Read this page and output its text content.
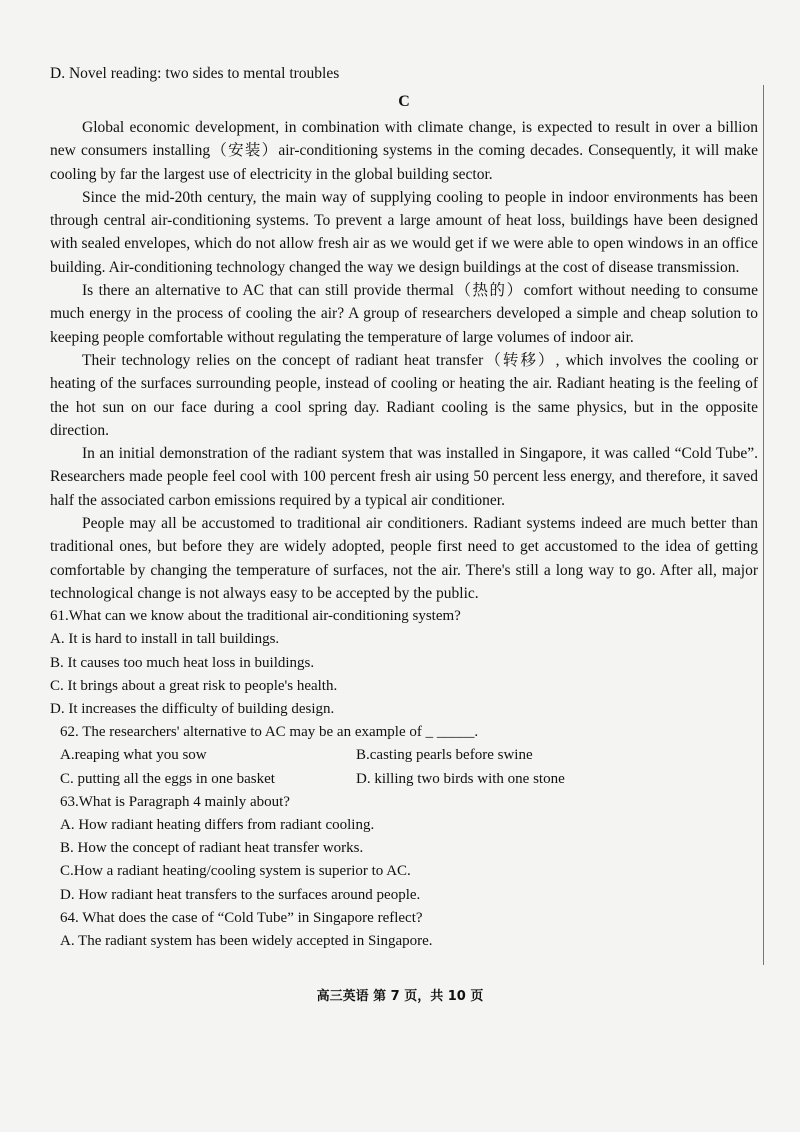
D. Novel reading: two sides to mental troubles

C

Global economic development, in combination with climate change, is expected to result in over a billion new consumers installing（安装）air-conditioning systems in the coming decades. Consequently, it will make cooling by far the largest use of electricity in the global building sector.

Since the mid-20th century, the main way of supplying cooling to people in indoor environments has been through central air-conditioning systems. To prevent a large amount of heat loss, buildings have been designed with sealed envelopes, which do not allow fresh air as we would get if we were able to open windows in an office building. Air-conditioning technology changed the way we design buildings at the cost of disease transmission.

Is there an alternative to AC that can still provide thermal（热的）comfort without needing to consume much energy in the process of cooling the air? A group of researchers developed a simple and cheap solution to keeping people comfortable without regulating the temperature of large volumes of indoor air.

Their technology relies on the concept of radiant heat transfer（转移）, which involves the cooling or heating of the surfaces surrounding people, instead of cooling or heating the air. Radiant heating is the feeling of the hot sun on our face during a cool spring day. Radiant cooling is the same physics, but in the opposite direction.

In an initial demonstration of the radiant system that was installed in Singapore, it was called “Cold Tube”. Researchers made people feel cool with 100 percent fresh air using 50 percent less energy, and therefore, it saved half the associated carbon emissions required by a typical air conditioner.

People may all be accustomed to traditional air conditioners. Radiant systems indeed are much better than traditional ones, but before they are widely adopted, people first need to get accustomed to the idea of getting comfortable by changing the temperature of surfaces, not the air. There's still a long way to go. After all, major technological change is not always easy to be accepted by the public.

61.What can we know about the traditional air-conditioning system?

A. It is hard to install in tall buildings.

B. It causes too much heat loss in buildings.

C. It brings about a great risk to people's health.

D. It increases the difficulty of building design.

62. The researchers' alternative to AC may be an example of _ _____.

A.reaping what you sow	B.casting pearls before swine
C. putting all the eggs in one basket	D. killing two birds with one stone

63.What is Paragraph 4 mainly about?

A. How radiant heating differs from radiant cooling.

B. How the concept of radiant heat transfer works.

C.How a radiant heating/cooling system is superior to AC.

D. How radiant heat transfers to the surfaces around people.

64. What does the case of “Cold Tube” in Singapore reflect?

A. The radiant system has been widely accepted in Singapore.

高三英语 第 7 页，共 10 页
